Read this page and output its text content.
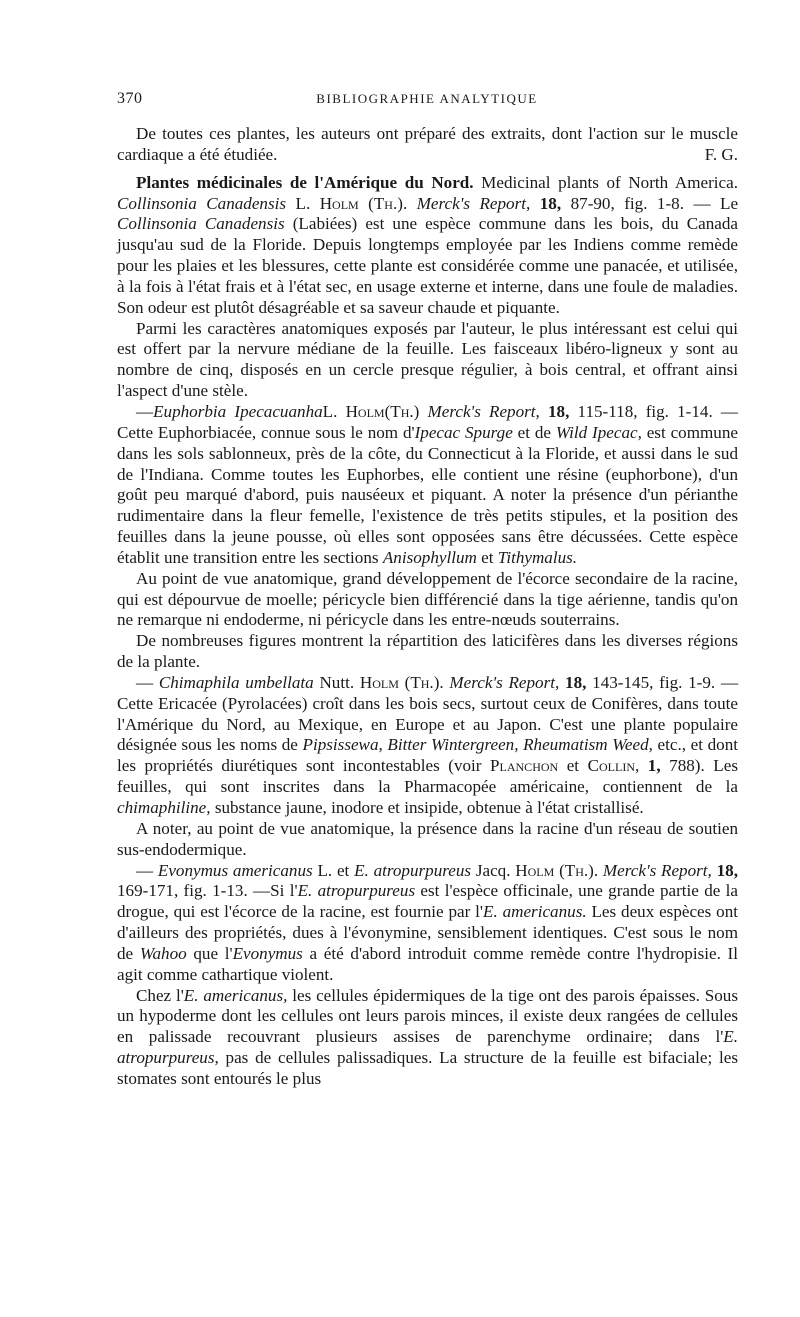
370	BIBLIOGRAPHIE ANALYTIQUE

De toutes ces plantes, les auteurs ont préparé des extraits, dont l'action sur le muscle cardiaque a été étudiée.	F. G.

Plantes médicinales de l'Amérique du Nord. Medicinal plants of North America. Collinsonia Canadensis L. Holm (Th.). Merck's Report, 18, 87-90, fig. 1-8. — Le Collinsonia Canadensis (Labiées) est une espèce commune dans les bois, du Canada jusqu'au sud de la Floride. Depuis longtemps employée par les Indiens comme remède pour les plaies et les blessures, cette plante est considérée comme une panacée, et utilisée, à la fois à l'état frais et à l'état sec, en usage externe et interne, dans une foule de maladies. Son odeur est plutôt désagréable et sa saveur chaude et piquante.

Parmi les caractères anatomiques exposés par l'auteur, le plus intéressant est celui qui est offert par la nervure médiane de la feuille. Les faisceaux libéro-ligneux y sont au nombre de cinq, disposés en un cercle presque régulier, à bois central, et offrant ainsi l'aspect d'une stèle.

—Euphorbia IpecacuanhaL. Holm(Th.) Merck's Report, 18, 115-118, fig. 1-14. — Cette Euphorbiacée, connue sous le nom d'Ipecac Spurge et de Wild Ipecac, est commune dans les sols sablonneux, près de la côte, du Connecticut à la Floride, et aussi dans le sud de l'Indiana. Comme toutes les Euphorbes, elle contient une résine (euphorbone), d'un goût peu marqué d'abord, puis nauséeux et piquant. A noter la présence d'un périanthe rudimentaire dans la fleur femelle, l'existence de très petits stipules, et la position des feuilles dans la jeune pousse, où elles sont opposées sans être décussées. Cette espèce établit une transition entre les sections Anisophyllum et Tithymalus.

Au point de vue anatomique, grand développement de l'écorce secondaire de la racine, qui est dépourvue de moelle; péricycle bien différencié dans la tige aérienne, tandis qu'on ne remarque ni endoderme, ni péricycle dans les entre-nœuds souterrains.

De nombreuses figures montrent la répartition des laticifères dans les diverses régions de la plante.

— Chimaphila umbellata Nutt. Holm (Th.). Merck's Report, 18, 143-145, fig. 1-9. — Cette Ericacée (Pyrolacées) croît dans les bois secs, surtout ceux de Conifères, dans toute l'Amérique du Nord, au Mexique, en Europe et au Japon. C'est une plante populaire désignée sous les noms de Pipsissewa, Bitter Wintergreen, Rheumatism Weed, etc., et dont les propriétés diurétiques sont incontestables (voir Planchon et Collin, 1, 788). Les feuilles, qui sont inscrites dans la Pharmacopée américaine, contiennent de la chimaphiline, substance jaune, inodore et insipide, obtenue à l'état cristallisé.

A noter, au point de vue anatomique, la présence dans la racine d'un réseau de soutien sus-endodermique.

— Evonymus americanus L. et E. atropurpureus Jacq. Holm (Th.). Merck's Report, 18, 169-171, fig. 1-13. —Si l'E. atropurpureus est l'espèce officinale, une grande partie de la drogue, qui est l'écorce de la racine, est fournie par l'E. americanus. Les deux espèces ont d'ailleurs des propriétés, dues à l'évonymine, sensiblement identiques. C'est sous le nom de Wahoo que l'Evonymus a été d'abord introduit comme remède contre l'hydropisie. Il agit comme cathartique violent.

Chez l'E. americanus, les cellules épidermiques de la tige ont des parois épaisses. Sous un hypoderme dont les cellules ont leurs parois minces, il existe deux rangées de cellules en palissade recouvrant plusieurs assises de parenchyme ordinaire; dans l'E. atropurpureus, pas de cellules palissadiques. La structure de la feuille est bifaciale; les stomates sont entourés le plus
